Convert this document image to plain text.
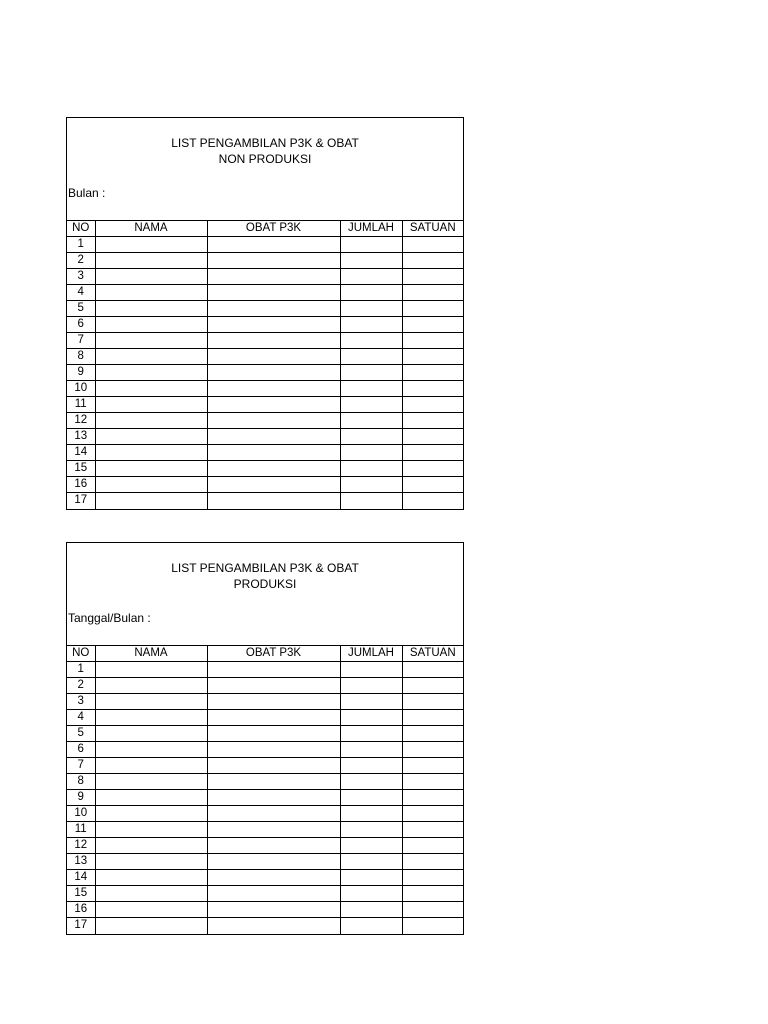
LIST PENGAMBILAN P3K & OBAT
NON PRODUKSI
Bulan :
NO	NAMA	OBAT P3K	JUMLAH	SATUAN
1				
2				
3				
4				
5				
6				
7				
8				
9				
10				
11				
12				
13				
14				
15				
16				
17				
LIST PENGAMBILAN P3K & OBAT
PRODUKSI
Tanggal/Bulan :
NO	NAMA	OBAT P3K	JUMLAH	SATUAN
1				
2				
3				
4				
5				
6				
7				
8				
9				
10				
11				
12				
13				
14				
15				
16				
17				
